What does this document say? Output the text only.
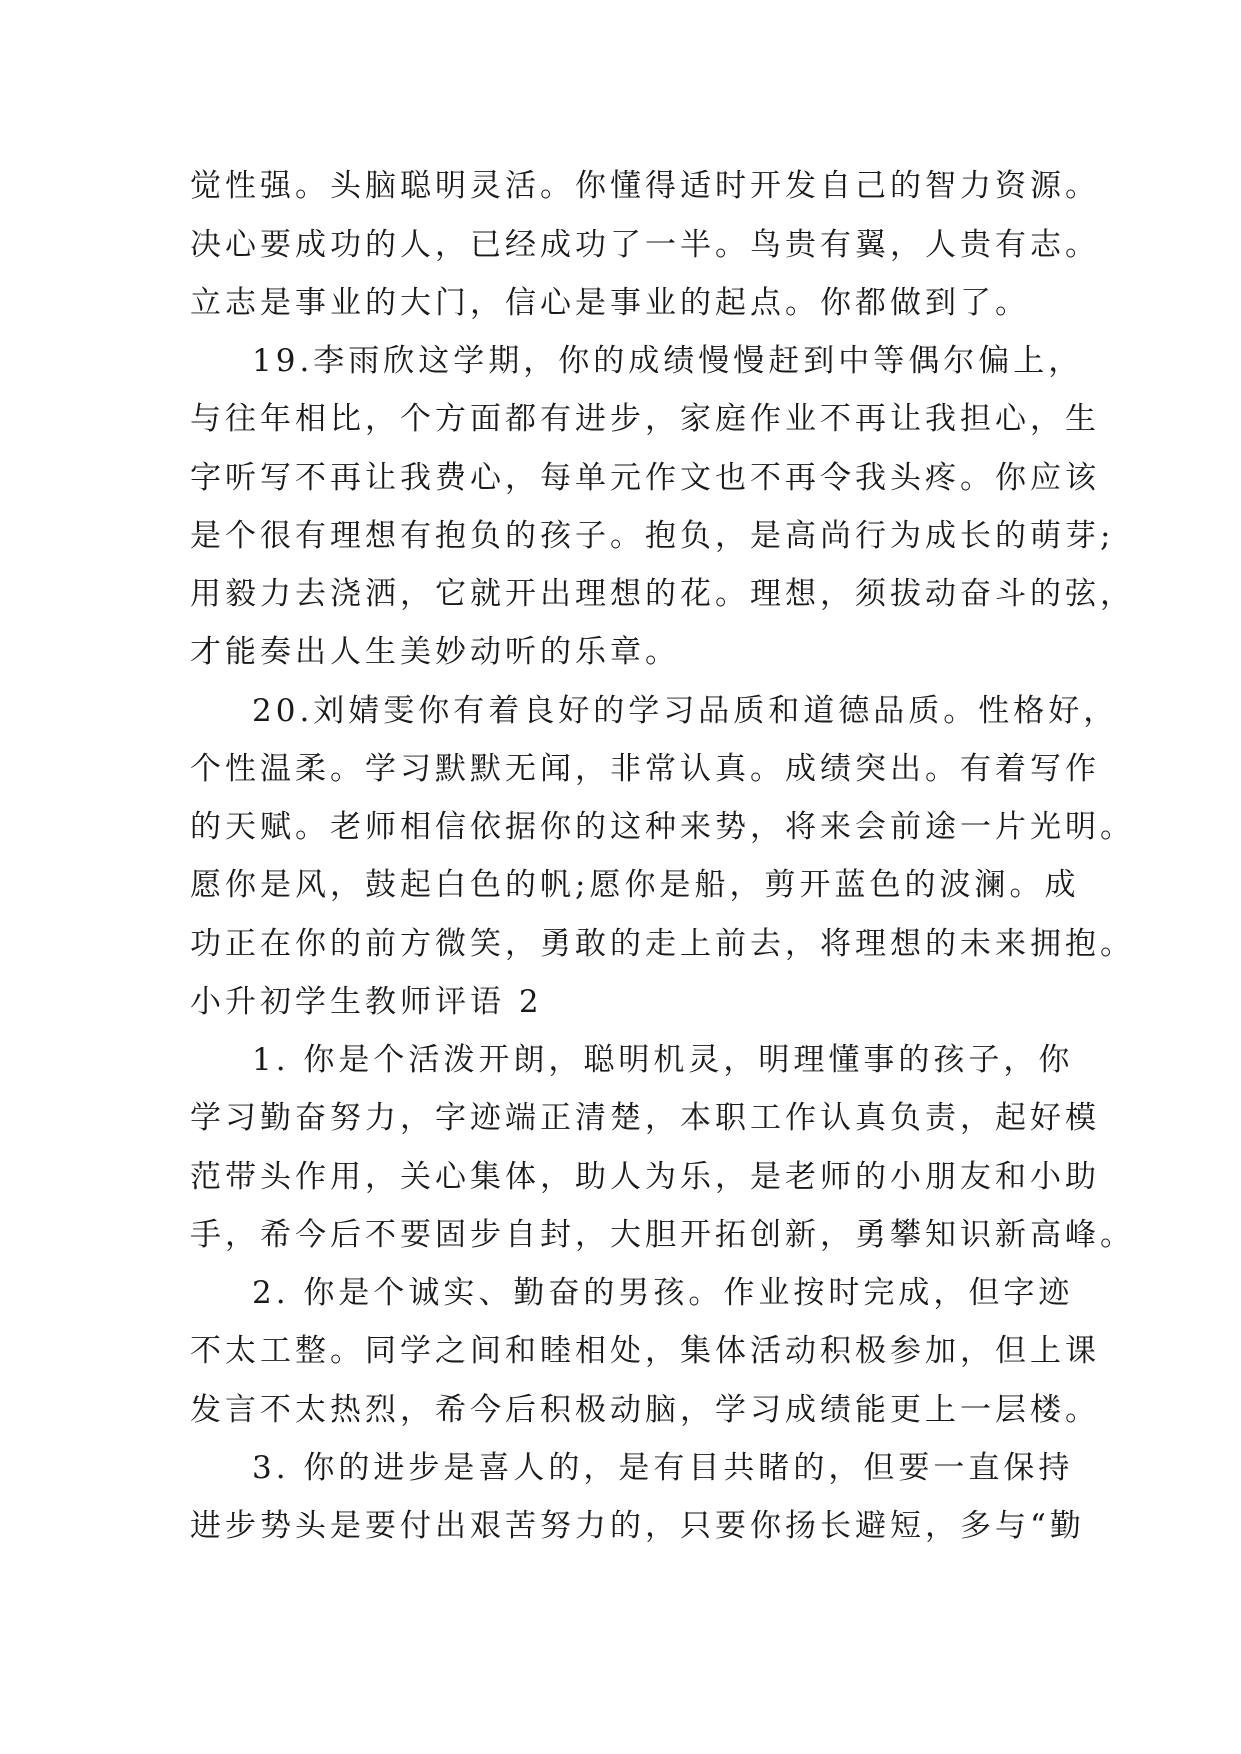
觉性强。头脑聪明灵活。你懂得适时开发自己的智力资源。
决心要成功的人，已经成功了一半。鸟贵有翼，人贵有志。
立志是事业的大门，信心是事业的起点。你都做到了。
19.李雨欣这学期，你的成绩慢慢赶到中等偶尔偏上，
与往年相比，个方面都有进步，家庭作业不再让我担心，生
字听写不再让我费心，每单元作文也不再令我头疼。你应该
是个很有理想有抱负的孩子。抱负，是高尚行为成长的萌芽;
用毅力去浇洒，它就开出理想的花。理想，须拔动奋斗的弦，
才能奏出人生美妙动听的乐章。
20.刘婧雯你有着良好的学习品质和道德品质。性格好，
个性温柔。学习默默无闻，非常认真。成绩突出。有着写作
的天赋。老师相信依据你的这种来势，将来会前途一片光明。
愿你是风，鼓起白色的帆;愿你是船，剪开蓝色的波澜。成
功正在你的前方微笑，勇敢的走上前去，将理想的未来拥抱。
小升初学生教师评语 2
1. 你是个活泼开朗，聪明机灵，明理懂事的孩子，你
学习勤奋努力，字迹端正清楚，本职工作认真负责，起好模
范带头作用，关心集体，助人为乐，是老师的小朋友和小助
手，希今后不要固步自封，大胆开拓创新，勇攀知识新高峰。
2. 你是个诚实、勤奋的男孩。作业按时完成，但字迹
不太工整。同学之间和睦相处，集体活动积极参加，但上课
发言不太热烈，希今后积极动脑，学习成绩能更上一层楼。
3. 你的进步是喜人的，是有目共睹的，但要一直保持
进步势头是要付出艰苦努力的，只要你扬长避短，多与“勤
